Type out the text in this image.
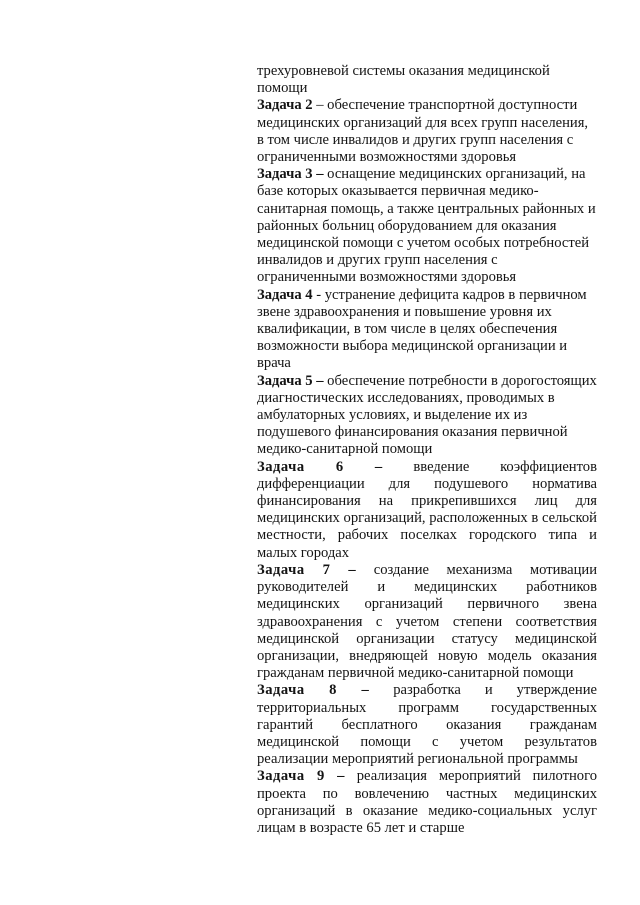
трехуровневой системы оказания медицинской помощи

Задача 2 – обеспечение транспортной доступности медицинских организаций для всех групп населения, в том числе инвалидов и других групп населения с ограниченными возможностями здоровья

Задача 3 – оснащение медицинских организаций, на базе которых оказывается первичная медико-санитарная помощь, а также центральных районных и районных больниц оборудованием для оказания медицинской помощи с учетом особых потребностей инвалидов и других групп населения с ограниченными возможностями здоровья

Задача 4 - устранение дефицита кадров в первичном звене здравоохранения и повышение уровня их квалификации, в том числе в целях обеспечения возможности выбора медицинской организации и врача

Задача 5 – обеспечение потребности в дорогостоящих диагностических исследованиях, проводимых в амбулаторных условиях, и выделение их из подушевого финансирования оказания первичной медико-санитарной помощи

Задача 6 – введение коэффициентов дифференциации для подушевого норматива финансирования на прикрепившихся лиц для медицинских организаций, расположенных в сельской местности, рабочих поселках городского типа и малых городах

Задача 7 – создание механизма мотивации руководителей и медицинских работников медицинских организаций первичного звена здравоохранения с учетом степени соответствия медицинской организации статусу медицинской организации, внедряющей новую модель оказания гражданам первичной медико-санитарной помощи

Задача 8 – разработка и утверждение территориальных программ государственных гарантий бесплатного оказания гражданам медицинской помощи с учетом результатов реализации мероприятий региональной программы

Задача 9 – реализация мероприятий пилотного проекта по вовлечению частных медицинских организаций в оказание медико-социальных услуг лицам в возрасте 65 лет и старше
